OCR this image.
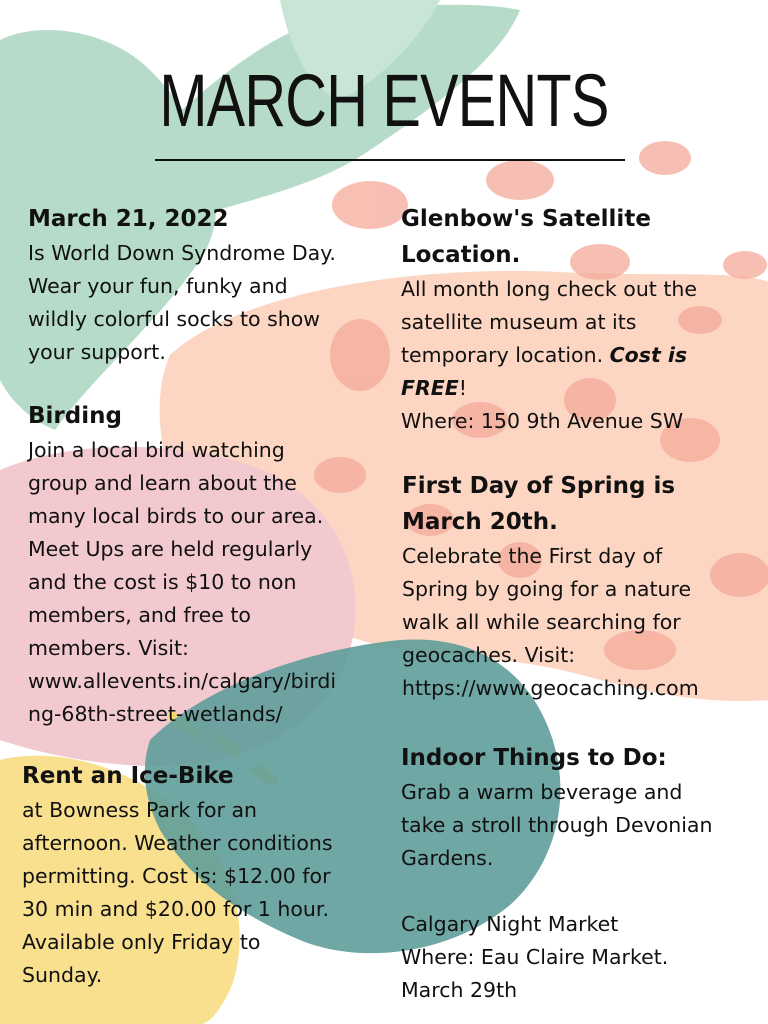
MARCH EVENTS
March 21, 2022

Is World Down Syndrome Day.

Wear your fun, funky and

wildly colorful socks to show

your support.

Birding

Join a local bird watching

group and learn about the

many local birds to our area.

Meet Ups are held regularly

and the cost is $10 to non

members, and free to

members. Visit:

www.allevents.in/calgary/birdi

ng-68th-street-wetlands/

Rent an Ice-Bike

at Bowness Park for an

afternoon. Weather conditions

permitting. Cost is: $12.00 for

30 min and $20.00 for 1 hour.

Available only Friday to

Sunday.

Glenbow's Satellite
Location.

All month long check out the

satellite museum at its

temporary location. Cost is

FREE!

Where: 150 9th Avenue SW

First Day of Spring is
March 20th.

Celebrate the First day of

Spring by going for a nature

walk all while searching for

geocaches. Visit:

https://www.geocaching.com

Indoor Things to Do:

Grab a warm beverage and

take a stroll through Devonian

Gardens.

Calgary Night Market

Where: Eau Claire Market.

March 29th
